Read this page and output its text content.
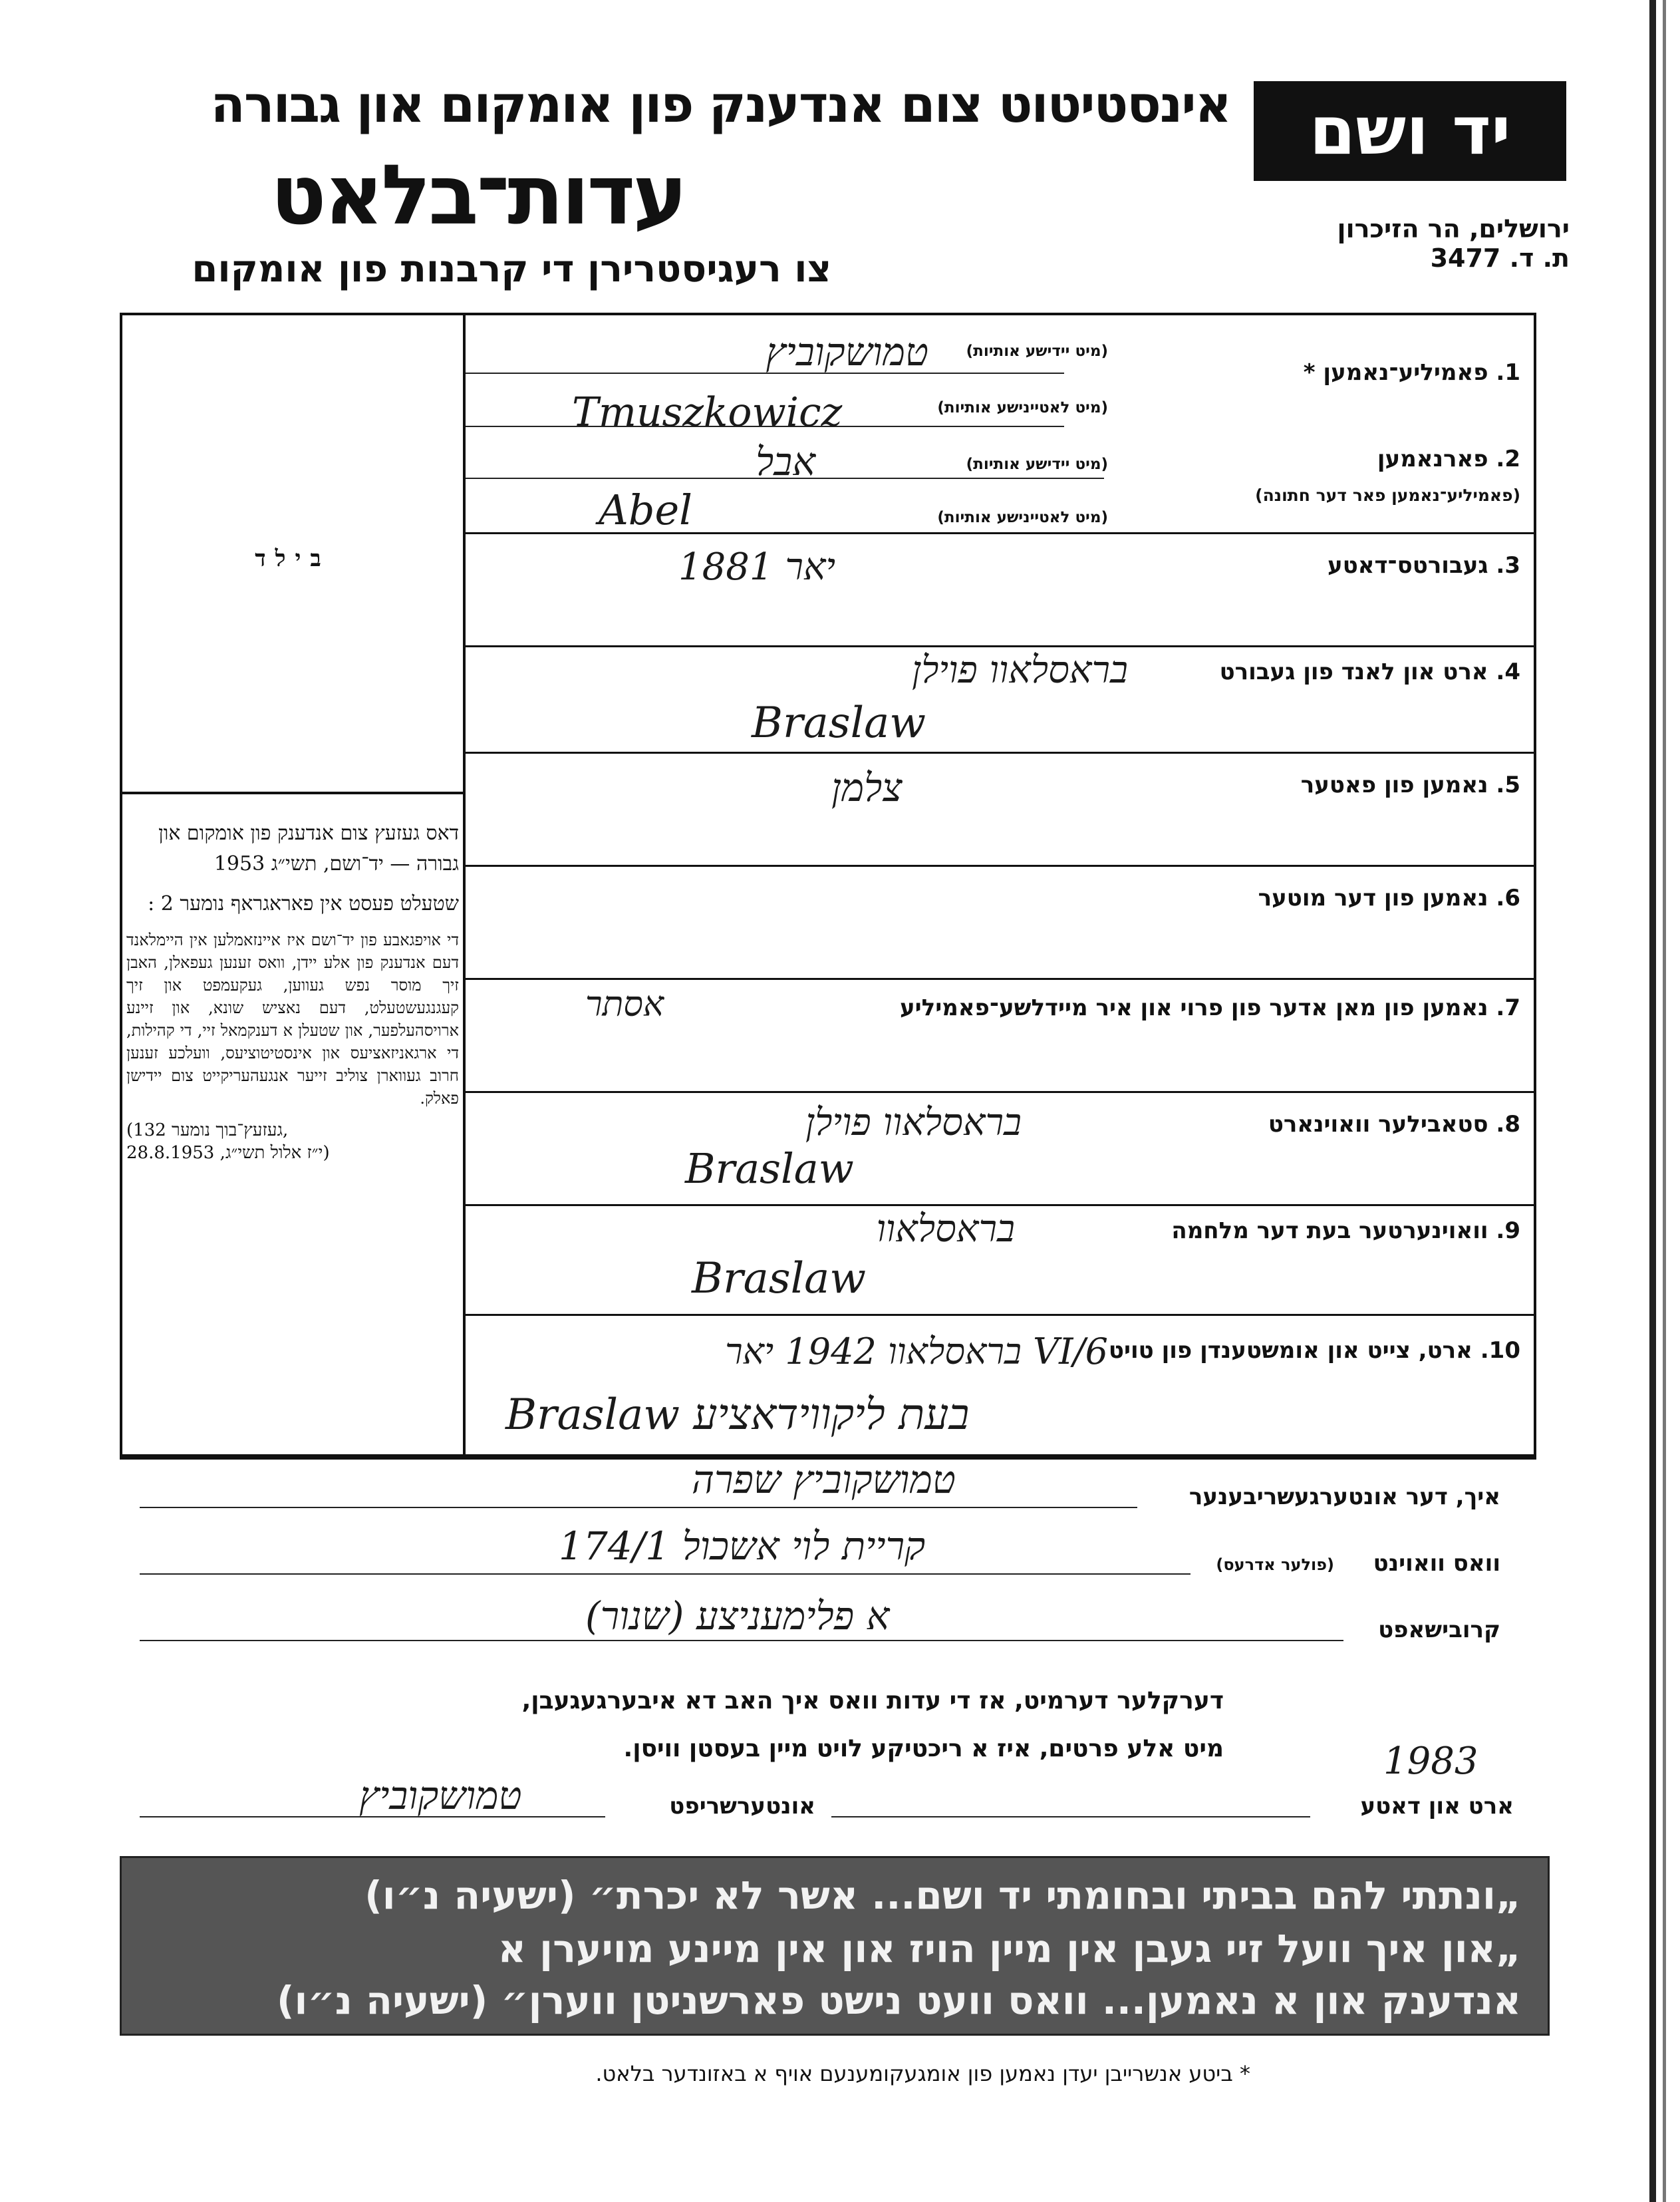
אינסטיטוט צום אנדענק פון אומקום און גבורה
עדות־בלאט
צו רעגיסטרירן די קרבנות פון אומקום
יד ושם
ירושלים, הר הזיכרון
ת. ד. 3477
בילד

דאס געזעץ צום אנדענק פון אומקום און גבורה — יד־ושם, תשי״ג 1953

שטעלט פעסט אין פאראגראף נומער 2 :

די אויפגאבע פון יד־ושם איז איינזאמלען אין היימלאנד דעם אנדענק פון אלע יידן, וואס זענען געפאלן, האבן זיך מוסר נפש געווען, געקעמפט און זיך קעגנגעשטעלט, דעם נאציש שונא, און זיינע ארויסהעלפער, און שטעלן א דענקמאל זיי, די קהילות, די ארגאניזאציעס און אינסטיטוציעס, וועלכע זענען חרוב געווארן צוליב זייער אנגעהעריקייט צום יידישן פאלק.

(געזעץ־בוך נומער 132,
י״ז אלול תשי״ג, 28.8.1953)

1. פאמיליע־נאמען *
(מיט יידישע אותיות)
(מיט לאטיינישע אותיות)
טמושקוביץ
Tmuszkowicz
2. פארנאמען
(פאמיליע־נאמען פאר דער חתונה)
(מיט יידישע אותיות)
(מיט לאטיינישע אותיות)
אבל
Abel
3. געבורטס־דאטע
יאר 1881
4. ארט און לאנד פון געבורט
בראסלאוו פוילן
Braslaw
5. נאמען פון פאטער
צלמן
6. נאמען פון דער מוטער
7. נאמען פון מאן אדער פון פרוי און איר מיידלשע־פאמיליע
אסתר
8. סטאבילער וואוינארט
בראסלאוו פוילן
Braslaw
9. וואוינערטער בעת דער מלחמה
בראסלאוו
Braslaw
10. ארט, צייט און אומשטענדן פון טויט
בראסלאוו 1942 יאר VI/6
Braslaw בעת ליקווידאציע
איך, דער אונטערגעשריבענער
טמושקוביץ שפרה
וואס וואוינט
(פולער אדרעס)
קריית לוי אשכול 174/1
קרובישאפט
א פלימעניצע (שנור)
דערקלער דערמיט, אז די עדות וואס איך האב דא איבערגעגעבן,
מיט אלע פרטים, איז א ריכטיקע לויט מיין בעסטן וויסן.
ארט און דאטע
1983
אונטערשריפט
טמושקוביץ
„ונתתי להם בביתי ובחומתי יד ושם... אשר לא יכרת״ (ישעיה נ״ו)
„און איך וועל זיי געבן אין מיין הויז און אין מיינע מויערן א
אנדענק און א נאמען... וואס וועט נישט פארשניטן ווערן״ (ישעיה נ״ו)
* ביטע אנשרייבן יעדן נאמען פון אומגעקומענעם אויף א באזונדער בלאט.
